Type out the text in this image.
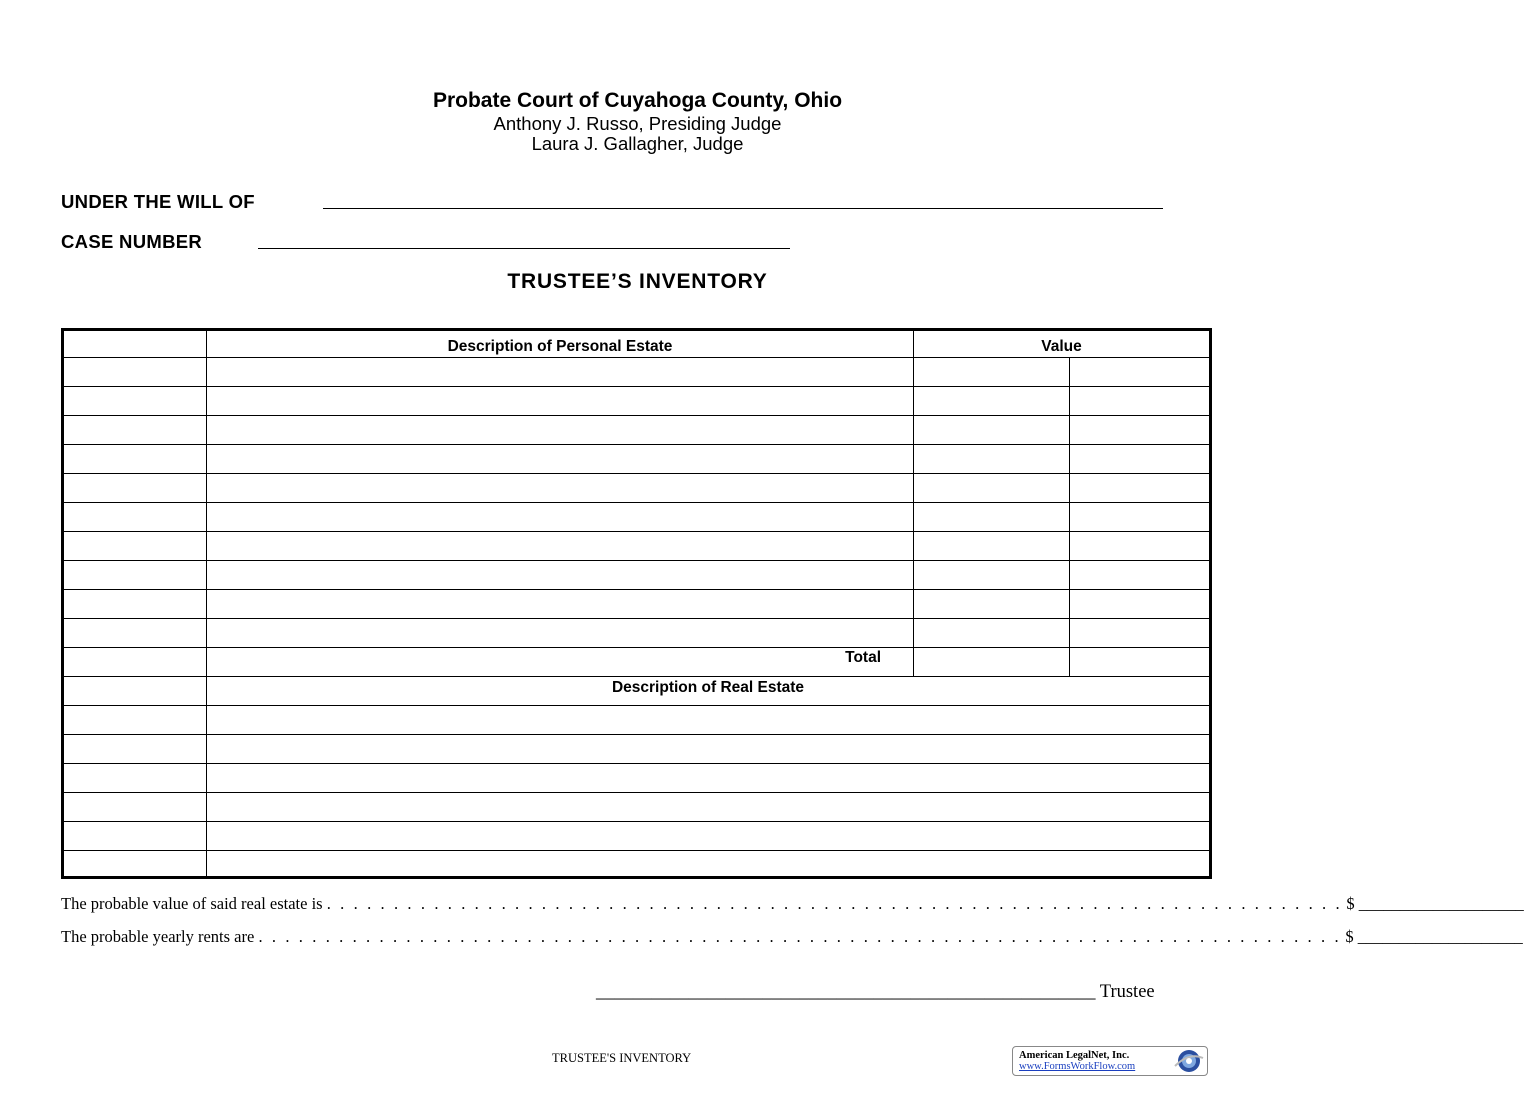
Probate Court of Cuyahoga County, Ohio

Anthony J. Russo, Presiding Judge

Laura J. Gallagher, Judge

UNDER THE WILL OF
CASE NUMBER
TRUSTEE’S INVENTORY
Description of Personal Estate	Value
Total
Description of Real Estate
The probable value of said real estate is . . . . . . . . . . . . . . . . . . . . . . . . . . . . . . . . . . . . . . . . . . . . . . . . . . . . . . . . . . . . . . . . . . . . . . . . . . . . $ ____________________
The probable yearly rents are . . . . . . . . . . . . . . . . . . . . . . . . . . . . . . . . . . . . . . . . . . . . . . . . . . . . . . . . . . . . . . . . . . . . . . . . . . . . . . . . . $ ____________________
______________________________________________________ Trustee
TRUSTEE'S INVENTORY	American LegalNet, Inc.
www.FormsWorkFlow.com
